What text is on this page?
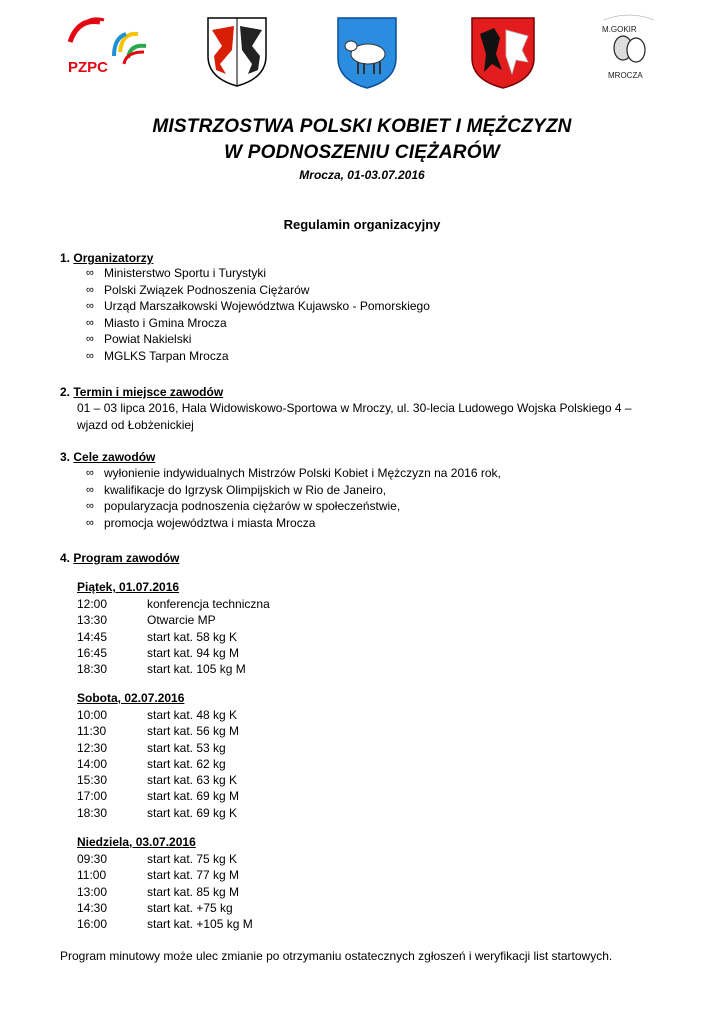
PZPC
M.GOKIR
MROCZA
MISTRZOSTWA POLSKI KOBIET I MĘŻCZYZN
W PODNOSZENIU CIĘŻARÓW
Mrocza, 01-03.07.2016
Regulamin organizacyjny
1. Organizatorzy
∞ Ministerstwo Sportu i Turystyki
∞ Polski Związek Podnoszenia Ciężarów
∞ Urząd Marszałkowski Województwa Kujawsko - Pomorskiego
∞ Miasto i Gmina Mrocza
∞ Powiat Nakielski
∞ MGLKS Tarpan Mrocza
2. Termin i miejsce zawodów
01 – 03 lipca 2016, Hala Widowiskowo-Sportowa w Mroczy, ul. 30-lecia Ludowego Wojska Polskiego 4 – wjazd od Łobżenickiej
3. Cele zawodów
∞ wyłonienie indywidualnych Mistrzów Polski Kobiet i Mężczyzn na 2016 rok,
∞ kwalifikacje do Igrzysk Olimpijskich w Rio de Janeiro,
∞ popularyzacja podnoszenia ciężarów w społeczeństwie,
∞ promocja województwa i miasta Mrocza
4. Program zawodów
Piątek, 01.07.2016
12:00	konferencja techniczna
13:30	Otwarcie MP
14:45	start kat. 58 kg K
16:45	start kat. 94 kg M
18:30	start kat. 105 kg M
Sobota, 02.07.2016
10:00	start kat. 48 kg K
11:30	start kat. 56 kg M
12:30	start kat. 53 kg
14:00	start kat. 62 kg
15:30	start kat. 63 kg K
17:00	start kat. 69 kg M
18:30	start kat. 69 kg K
Niedziela, 03.07.2016
09:30	start kat. 75 kg K
11:00	start kat. 77 kg M
13:00	start kat. 85 kg M
14:30	start kat. +75 kg
16:00	start kat. +105 kg M
Program minutowy może ulec zmianie po otrzymaniu ostatecznych zgłoszeń i weryfikacji list startowych.
